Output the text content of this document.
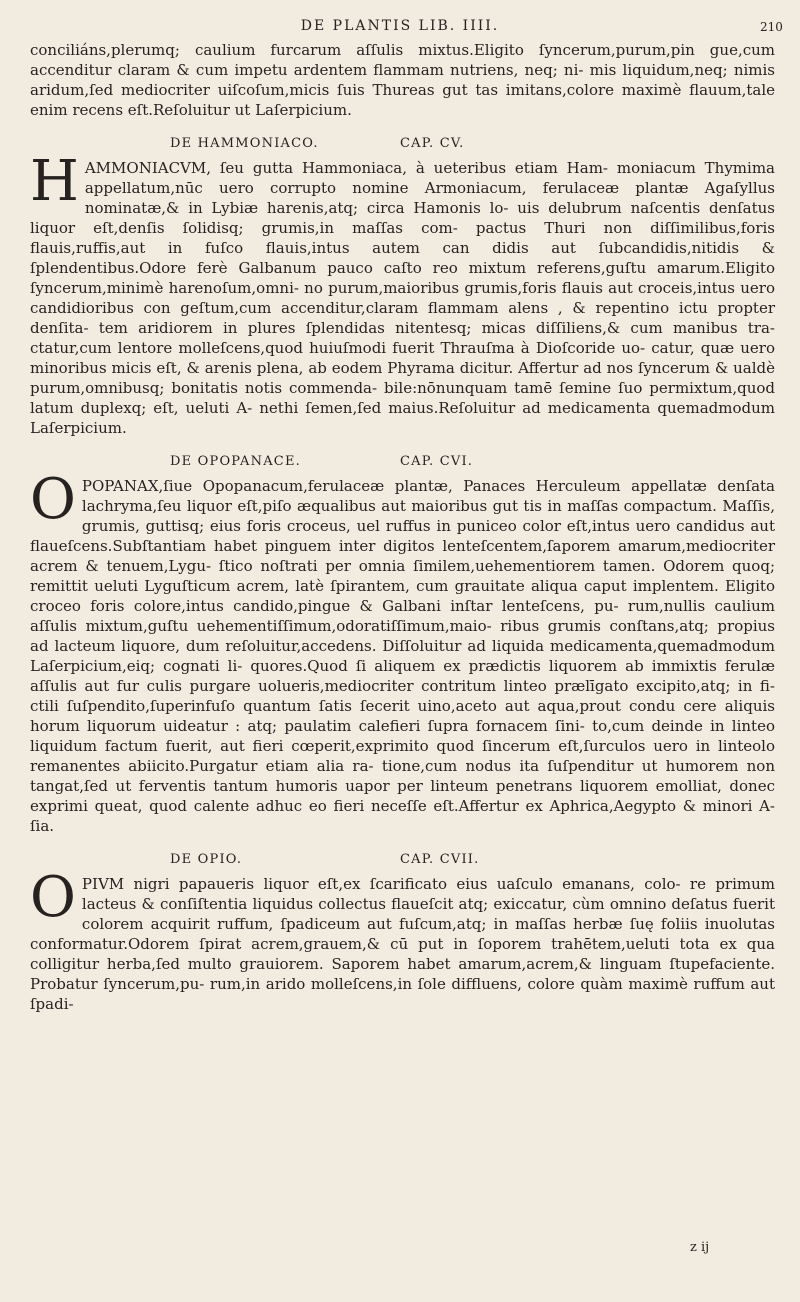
DE PLANTIS LIB. IIII.	210

conciliáns,plerumq; caulium furcarum aſſulis mixtus.Eligito ſyncerum,purum,pin gue,cum accenditur claram & cum impetu ardentem flammam nutriens, neq; ni- mis liquidum,neq; nimis aridum,ſed mediocriter uiſcoſum,micis ſuis Thureas gut tas imitans,colore maximè flauum,tale enim recens eſt.Reſoluitur ut Laſerpicium.

DE HAMMONIACO.	CAP. CV.

HAMMONIACVM, ſeu gutta Hammoniaca, à ueteribus etiam Ham- moniacum Thymima appellatum,nūc uero corrupto nomine Armoniacum, ferulaceæ plantæ Agaſyllus nominatæ,& in Lybiæ harenis,atq; circa Hamonis lo- uis delubrum naſcentis denſatus liquor eſt,denſis ſolidisq; grumis,in maſſas com- pactus Thuri non diſſimilibus,foris flauis,ruffis,aut in fuſco flauis,intus autem can didis aut ſubcandidis,nitidis & ſplendentibus.Odore ferè Galbanum pauco caſto reo mixtum referens,guſtu amarum.Eligito ſyncerum,minimè harenoſum,omni- no purum,maioribus grumis,foris flauis aut croceis,intus uero candidioribus con geſtum,cum accenditur,claram flammam alens , & repentino ictu propter denſita- tem aridiorem in plures ſplendidas nitentesq; micas diſſiliens,& cum manibus tra- ctatur,cum lentore molleſcens,quod huiuſmodi fuerit Thrauſma à Dioſcoride uo- catur, quæ uero minoribus micis eſt, & arenis plena, ab eodem Phyrama dicitur. Affertur ad nos ſyncerum & ualdè purum,omnibusq; bonitatis notis commenda- bile:nōnunquam tamē ſemine ſuo permixtum,quod latum duplexq; eſt, ueluti A- nethi ſemen,ſed maius.Reſoluitur ad medicamenta quemadmodum Laſerpicium.

DE OPOPANACE.	CAP. CVI.

OPOPANAX,ſiue Opopanacum,ferulaceæ plantæ, Panaces Herculeum appellatæ denſata lachryma,ſeu liquor eſt,piſo æqualibus aut maioribus gut tis in maſſas compactum. Maſſis, grumis, guttisq; eius foris croceus, uel ruffus in puniceo color eſt,intus uero candidus aut flaueſcens.Subſtantiam habet pinguem inter digitos lenteſcentem,ſaporem amarum,mediocriter acrem & tenuem,Lygu- ſtico noſtrati per omnia ſimilem,uehementiorem tamen. Odorem quoq; remittit ueluti Lyguſticum acrem, latè ſpirantem, cum grauitate aliqua caput implentem. Eligito croceo foris colore,intus candido,pingue & Galbani inſtar lenteſcens, pu- rum,nullis caulium aſſulis mixtum,guſtu uehementiſſimum,odoratiſſimum,maio- ribus grumis conſtans,atq; propius ad lacteum liquore, dum reſoluitur,accedens. Diſſoluitur ad liquida medicamenta,quemadmodum Laſerpicium,eiq; cognati li- quores.Quod ſi aliquem ex prædictis liquorem ab immixtis ferulæ aſſulis aut fur culis purgare uolueris,mediocriter contritum linteo prælīgato excipito,atq; in fi- ctili ſuſpendito,ſuperinfuſo quantum ſatis ſecerit uino,aceto aut aqua,prout condu cere aliquis horum liquorum uideatur : atq; paulatim calefieri ſupra fornacem ſini- to,cum deinde in linteo liquidum factum fuerit, aut fieri cœperit,exprimito quod ſincerum eſt,ſurculos uero in linteolo remanentes abiicito.Purgatur etiam alia ra- tione,cum nodus ita ſuſpenditur ut humorem non tangat,ſed ut ferventis tantum humoris uapor per linteum penetrans liquorem emolliat, donec exprimi queat, quod calente adhuc eo fieri neceſſe eſt.Affertur ex Aphrica,Aegypto & minori A- ſia.

DE OPIO.	CAP. CVII.

OPIVM nigri papaueris liquor eſt,ex ſcarificato eius uaſculo emanans, colo- re primum lacteus & conſiſtentia liquidus collectus flaueſcit atq; exiccatur, cùm omnino deſatus fuerit colorem acquirit ruffum, ſpadiceum aut fuſcum,atq; in maſſas herbæ ſuę foliis inuolutas conformatur.Odorem ſpirat acrem,grauem,& cū put in ſoporem trahētem,ueluti tota ex qua colligitur herba,ſed multo grauiorem. Saporem habet amarum,acrem,& linguam ſtupefaciente. Probatur ſyncerum,pu- rum,in arido molleſcens,in ſole diffluens, colore quàm maximè ruffum aut ſpadi-

z ij
